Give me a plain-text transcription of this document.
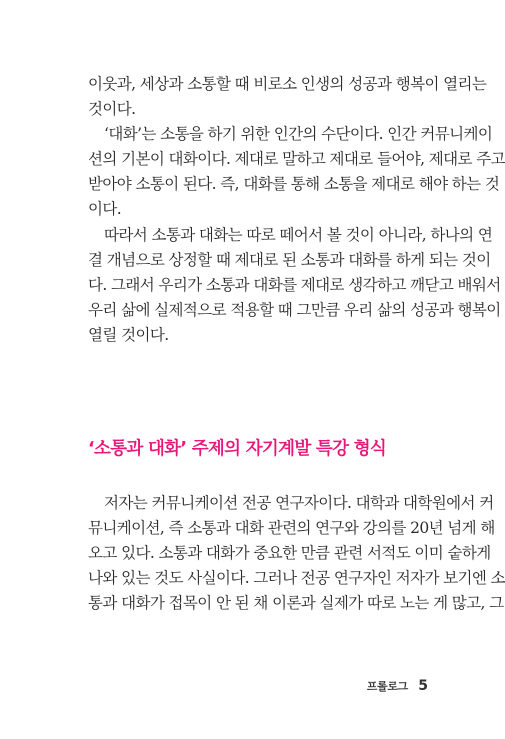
이웃과, 세상과 소통할 때 비로소 인생의 성공과 행복이 열리는
것이다.
‘대화’는 소통을 하기 위한 인간의 수단이다. 인간 커뮤니케이
션의 기본이 대화이다. 제대로 말하고 제대로 들어야, 제대로 주고
받아야 소통이 된다. 즉, 대화를 통해 소통을 제대로 해야 하는 것
이다.
따라서 소통과 대화는 따로 떼어서 볼 것이 아니라, 하나의 연
결 개념으로 상정할 때 제대로 된 소통과 대화를 하게 되는 것이
다. 그래서 우리가 소통과 대화를 제대로 생각하고 깨닫고 배워서
우리 삶에 실제적으로 적용할 때 그만큼 우리 삶의 성공과 행복이
열릴 것이다.
‘소통과 대화’ 주제의 자기계발 특강 형식
저자는 커뮤니케이션 전공 연구자이다. 대학과 대학원에서 커
뮤니케이션, 즉 소통과 대화 관련의 연구와 강의를 20년 넘게 해
오고 있다. 소통과 대화가 중요한 만큼 관련 서적도 이미 숱하게
나와 있는 것도 사실이다. 그러나 전공 연구자인 저자가 보기엔 소
통과 대화가 접목이 안 된 채 이론과 실제가 따로 노는 게 많고, 그
프롤로그 5
